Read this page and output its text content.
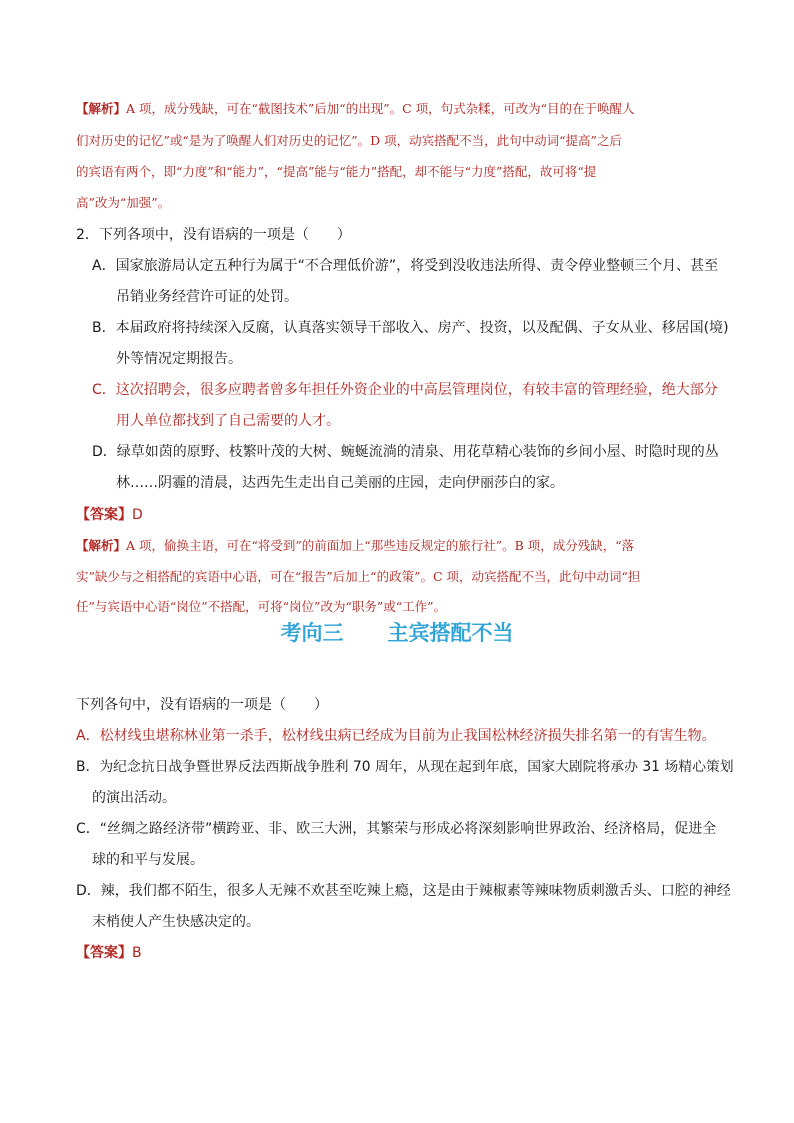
【解析】A 项，成分残缺，可在“截图技术”后加“的出现”。C 项，句式杂糅，可改为“目的在于唤醒人
们对历史的记忆”或“是为了唤醒人们对历史的记忆”。D 项，动宾搭配不当，此句中动词“提高”之后
的宾语有两个，即“力度”和“能力”，“提高”能与“能力”搭配，却不能与“力度”搭配，故可将“提
高”改为“加强”。
2．下列各项中，没有语病的一项是（　　）
A．国家旅游局认定五种行为属于“不合理低价游”，将受到没收违法所得、责令停业整顿三个月、甚至
吊销业务经营许可证的处罚。
B．本届政府将持续深入反腐，认真落实领导干部收入、房产、投资，以及配偶、子女从业、移居国(境)
外等情况定期报告。
C．这次招聘会，很多应聘者曾多年担任外资企业的中高层管理岗位，有较丰富的管理经验，绝大部分
用人单位都找到了自己需要的人才。
D．绿草如茵的原野、枝繁叶茂的大树、蜿蜒流淌的清泉、用花草精心装饰的乡间小屋、时隐时现的丛
林……阴霾的清晨，达西先生走出自己美丽的庄园，走向伊丽莎白的家。
【答案】D
【解析】A 项，偷换主语，可在“将受到”的前面加上“那些违反规定的旅行社”。B 项，成分残缺，“落
实”缺少与之相搭配的宾语中心语，可在“报告”后加上“的政策”。C 项，动宾搭配不当，此句中动词“担
任”与宾语中心语“岗位”不搭配，可将“岗位”改为“职务”或“工作”。
考向三 主宾搭配不当
下列各句中，没有语病的一项是（　　）
A．松材线虫堪称林业第一杀手，松材线虫病已经成为目前为止我国松林经济损失排名第一的有害生物。
B．为纪念抗日战争暨世界反法西斯战争胜利 70 周年，从现在起到年底，国家大剧院将承办 31 场精心策划
的演出活动。
C．“丝绸之路经济带”横跨亚、非、欧三大洲，其繁荣与形成必将深刻影响世界政治、经济格局，促进全
球的和平与发展。
D．辣，我们都不陌生，很多人无辣不欢甚至吃辣上瘾，这是由于辣椒素等辣味物质刺激舌头、口腔的神经
末梢使人产生快感决定的。
【答案】B
